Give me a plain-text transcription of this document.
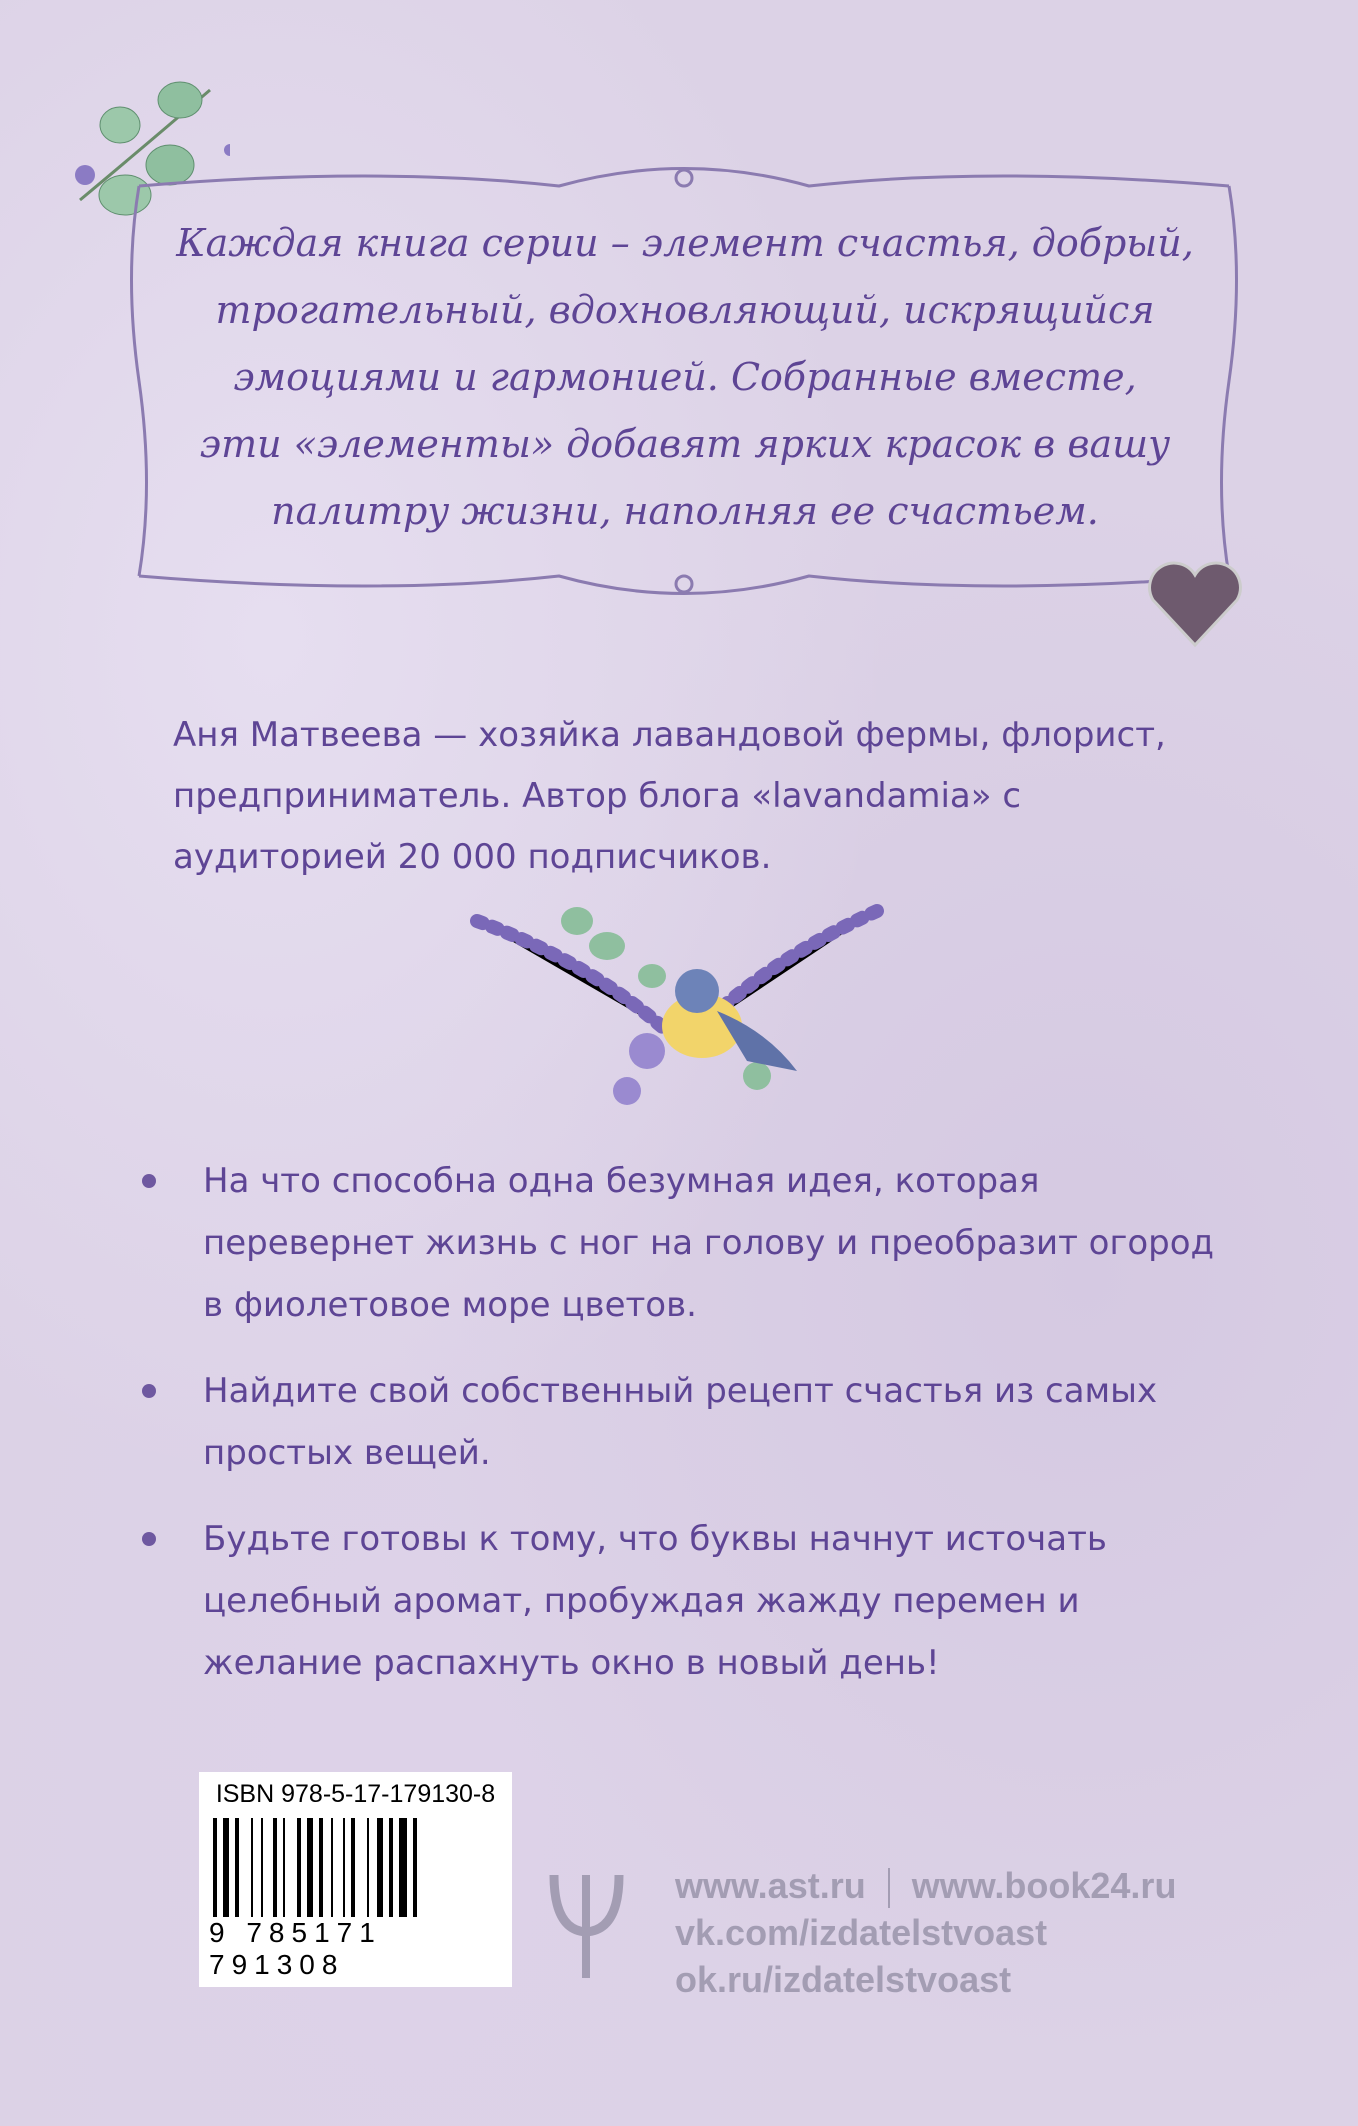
Каждая книга серии – элемент счастья, добрый,
трогательный, вдохновляющий, искрящийся
эмоциями и гармонией. Собранные вместе,
эти «элементы» добавят ярких красок в вашу
палитру жизни, наполняя ее счастьем.
Аня Матвеева — хозяйка лавандовой фермы, флорист, предприниматель. Автор блога «lavandamia» с аудиторией 20 000 подписчиков.
На что способна одна безумная идея, которая перевернет жизнь с ног на голову и преобразит огород в фиолетовое море цветов.
Найдите свой собственный рецепт счастья из самых простых вещей.
Будьте готовы к тому, что буквы начнут источать целебный аромат, пробуждая жажду перемен и желание распахнуть окно в новый день!
ISBN 978-5-17-179130-8
9 785171 791308
www.ast.ru www.book24.ru
vk.com/izdatelstvoast
ok.ru/izdatelstvoast
